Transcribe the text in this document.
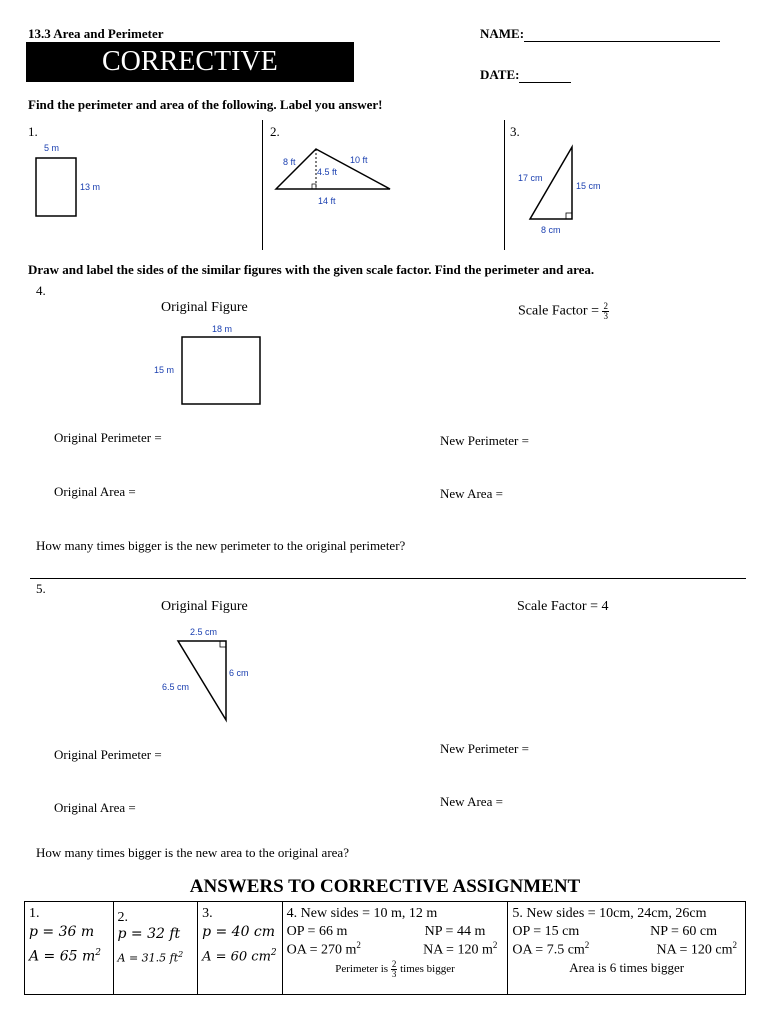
13.3 Area and Perimeter	NAME:
CORRECTIVE	DATE:
Find the perimeter and area of the following. Label you answer!
1.	2.	3.
5 m
13 m
8 ft	10 ft
4.5 ft
14 ft
17 cm
15 cm
8 cm
Draw and label the sides of the similar figures with the given scale factor. Find the perimeter and area.
4.
Original Figure	Scale Factor = $\frac{2}{3}$
18 m
15 m
Original Perimeter =	New Perimeter =
Original Area =	New Area =
How many times bigger is the new perimeter to the original perimeter?
5.
Original Figure	Scale Factor = 4
2.5 cm
6 cm
6.5 cm
Original Perimeter =	New Perimeter =
Original Area =	New Area =
How many times bigger is the new area to the original area?
ANSWERS TO CORRECTIVE ASSIGNMENT
1.
p = 36 m
A = 65 $m^2$

2.
p = 32 ft
A = 31.5 $ft^2$

3.
p = 40 cm
A = 60 $cm^2$

4. New sides = 10 m, 12 m
OP = 66 m	NP = 44 m
OA = 270 $m^2$	NA = 120 $m^2$
Perimeter is $\frac{2}{3}$ times bigger

5. New sides = 10cm, 24cm, 26cm
OP = 15 cm	NP = 60 cm
OA = 7.5 $cm^2$	NA = 120 $cm^2$
Area is 6 times bigger
